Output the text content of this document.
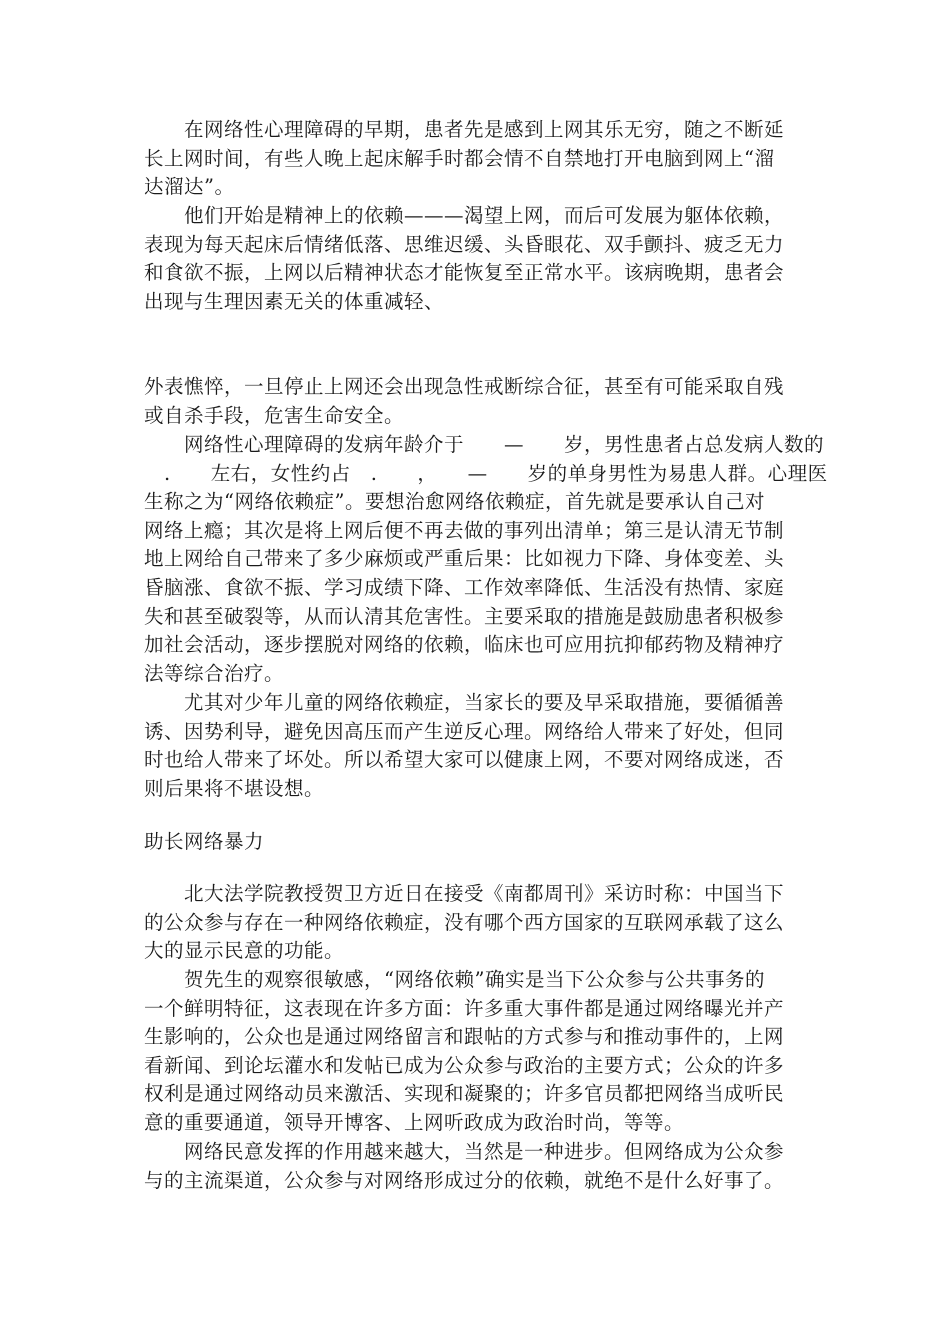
在网络性心理障碍的早期，患者先是感到上网其乐无穷，随之不断延
长上网时间，有些人晚上起床解手时都会情不自禁地打开电脑到网上“溜
达溜达”。
他们开始是精神上的依赖———渴望上网，而后可发展为躯体依赖，
表现为每天起床后情绪低落、思维迟缓、头昏眼花、双手颤抖、疲乏无力
和食欲不振，上网以后精神状态才能恢复至正常水平。该病晚期，患者会
出现与生理因素无关的体重减轻、
外表憔悴，一旦停止上网还会出现急性戒断综合征，甚至有可能采取自残
或自杀手段，危害生命安全。
网络性心理障碍的发病年龄介于　　—　　岁，男性患者占总发病人数的
　.　　左右，女性约占　.　　，　　—　　岁的单身男性为易患人群。心理医
生称之为“网络依赖症”。要想治愈网络依赖症，首先就是要承认自己对
网络上瘾；其次是将上网后便不再去做的事列出清单；第三是认清无节制
地上网给自己带来了多少麻烦或严重后果：比如视力下降、身体变差、头
昏脑涨、食欲不振、学习成绩下降、工作效率降低、生活没有热情、家庭
失和甚至破裂等，从而认清其危害性。主要采取的措施是鼓励患者积极参
加社会活动，逐步摆脱对网络的依赖，临床也可应用抗抑郁药物及精神疗
法等综合治疗。
尤其对少年儿童的网络依赖症，当家长的要及早采取措施，要循循善
诱、因势利导，避免因高压而产生逆反心理。网络给人带来了好处，但同
时也给人带来了坏处。所以希望大家可以健康上网，不要对网络成迷，否
则后果将不堪设想。
助长网络暴力
北大法学院教授贺卫方近日在接受《南都周刊》采访时称：中国当下
的公众参与存在一种网络依赖症，没有哪个西方国家的互联网承载了这么
大的显示民意的功能。
贺先生的观察很敏感，“网络依赖”确实是当下公众参与公共事务的
一个鲜明特征，这表现在许多方面：许多重大事件都是通过网络曝光并产
生影响的，公众也是通过网络留言和跟帖的方式参与和推动事件的，上网
看新闻、到论坛灌水和发帖已成为公众参与政治的主要方式；公众的许多
权利是通过网络动员来激活、实现和凝聚的；许多官员都把网络当成听民
意的重要通道，领导开博客、上网听政成为政治时尚，等等。
网络民意发挥的作用越来越大，当然是一种进步。但网络成为公众参
与的主流渠道，公众参与对网络形成过分的依赖，就绝不是什么好事了。
